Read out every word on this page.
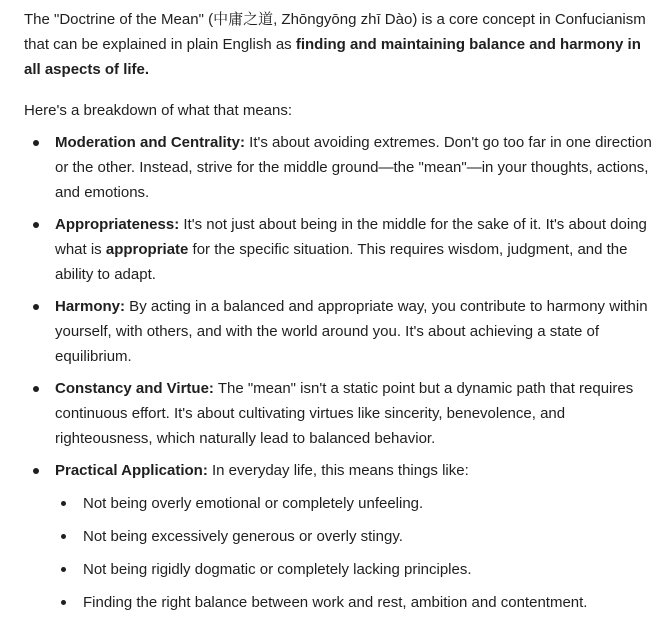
The "Doctrine of the Mean" (中庸之道, Zhōngyōng zhī Dào) is a core concept in Confucianism that can be explained in plain English as finding and maintaining balance and harmony in all aspects of life.

Here's a breakdown of what that means:

Moderation and Centrality: It's about avoiding extremes. Don't go too far in one direction or the other. Instead, strive for the middle ground—the "mean"—in your thoughts, actions, and emotions.
Appropriateness: It's not just about being in the middle for the sake of it. It's about doing what is appropriate for the specific situation. This requires wisdom, judgment, and the ability to adapt.
Harmony: By acting in a balanced and appropriate way, you contribute to harmony within yourself, with others, and with the world around you. It's about achieving a state of equilibrium.
Constancy and Virtue: The "mean" isn't a static point but a dynamic path that requires continuous effort. It's about cultivating virtues like sincerity, benevolence, and righteousness, which naturally lead to balanced behavior.
Practical Application: In everyday life, this means things like:
Not being overly emotional or completely unfeeling.
Not being excessively generous or overly stingy.
Not being rigidly dogmatic or completely lacking principles.
Finding the right balance between work and rest, ambition and contentment.
